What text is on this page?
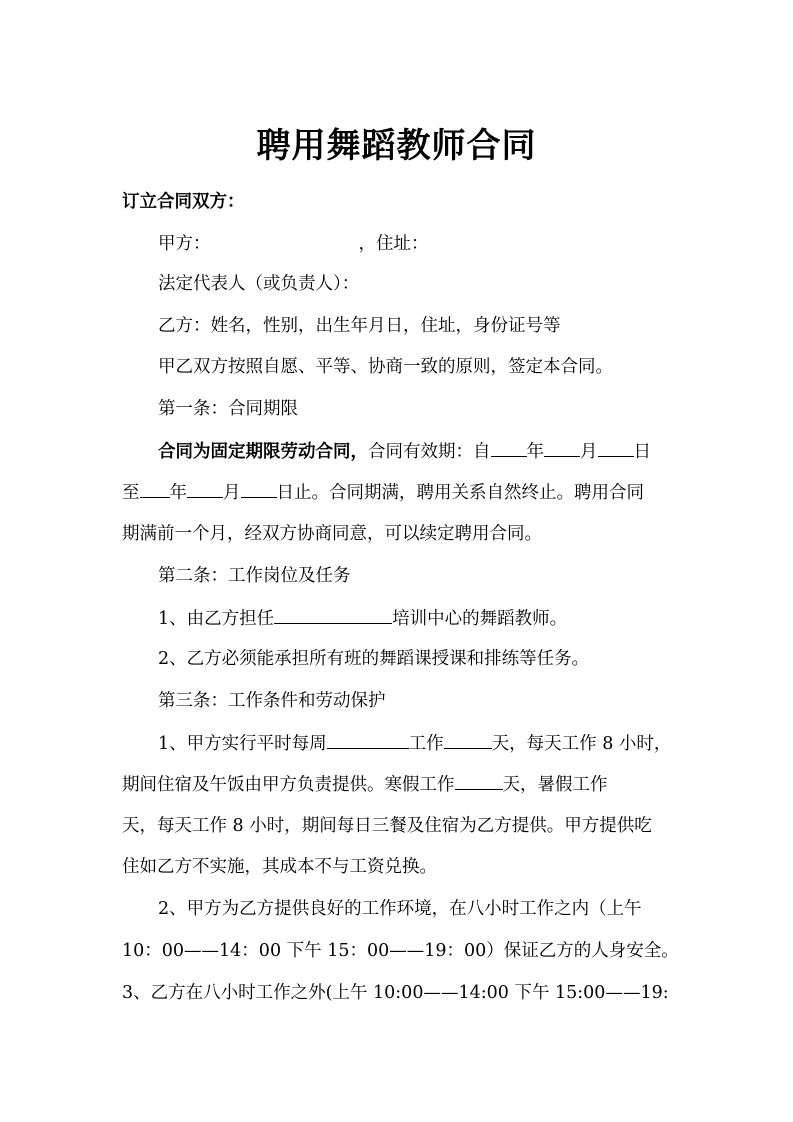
聘用舞蹈教师合同
订立合同双方：
甲方：	，住址：
法定代表人（或负责人）：
乙方：姓名，性别，出生年月日，住址，身份证号等
甲乙双方按照自愿、平等、协商一致的原则，签定本合同。
第一条：合同期限
合同为固定期限劳动合同，合同有效期：自 年 月 日
至 年 月 日止。合同期满，聘用关系自然终止。聘用合同
期满前一个月，经双方协商同意，可以续定聘用合同。
第二条：工作岗位及任务
1、由乙方担任	培训中心的舞蹈教师。
2、乙方必须能承担所有班的舞蹈课授课和排练等任务。
第三条：工作条件和劳动保护
1、甲方实行平时每周	工作	天，每天工作 8 小时，
期间住宿及午饭由甲方负责提供。寒假工作	天，暑假工作
天，每天工作 8 小时，期间每日三餐及住宿为乙方提供。甲方提供吃
住如乙方不实施，其成本不与工资兑换。
2、甲方为乙方提供良好的工作环境，在八小时工作之内（上午
10：00——14：00 下午 15：00——19：00）保证乙方的人身安全。
3、乙方在八小时工作之外(上午 10:00——14:00 下午 15:00——19:
